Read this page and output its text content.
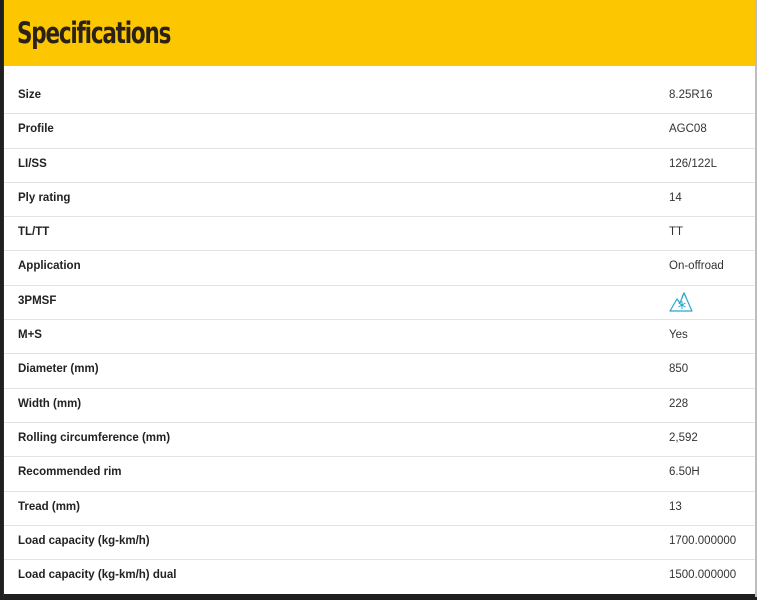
Specifications
Size	8.25R16
Profile	AGC08
LI/SS	126/122L
Ply rating	14
TL/TT	TT
Application	On-offroad
3PMSF
M+S	Yes
Diameter (mm)	850
Width (mm)	228
Rolling circumference (mm)	2,592
Recommended rim	6.50H
Tread (mm)	13
Load capacity (kg-km/h)	1700.000000
Load capacity (kg-km/h) dual	1500.000000
